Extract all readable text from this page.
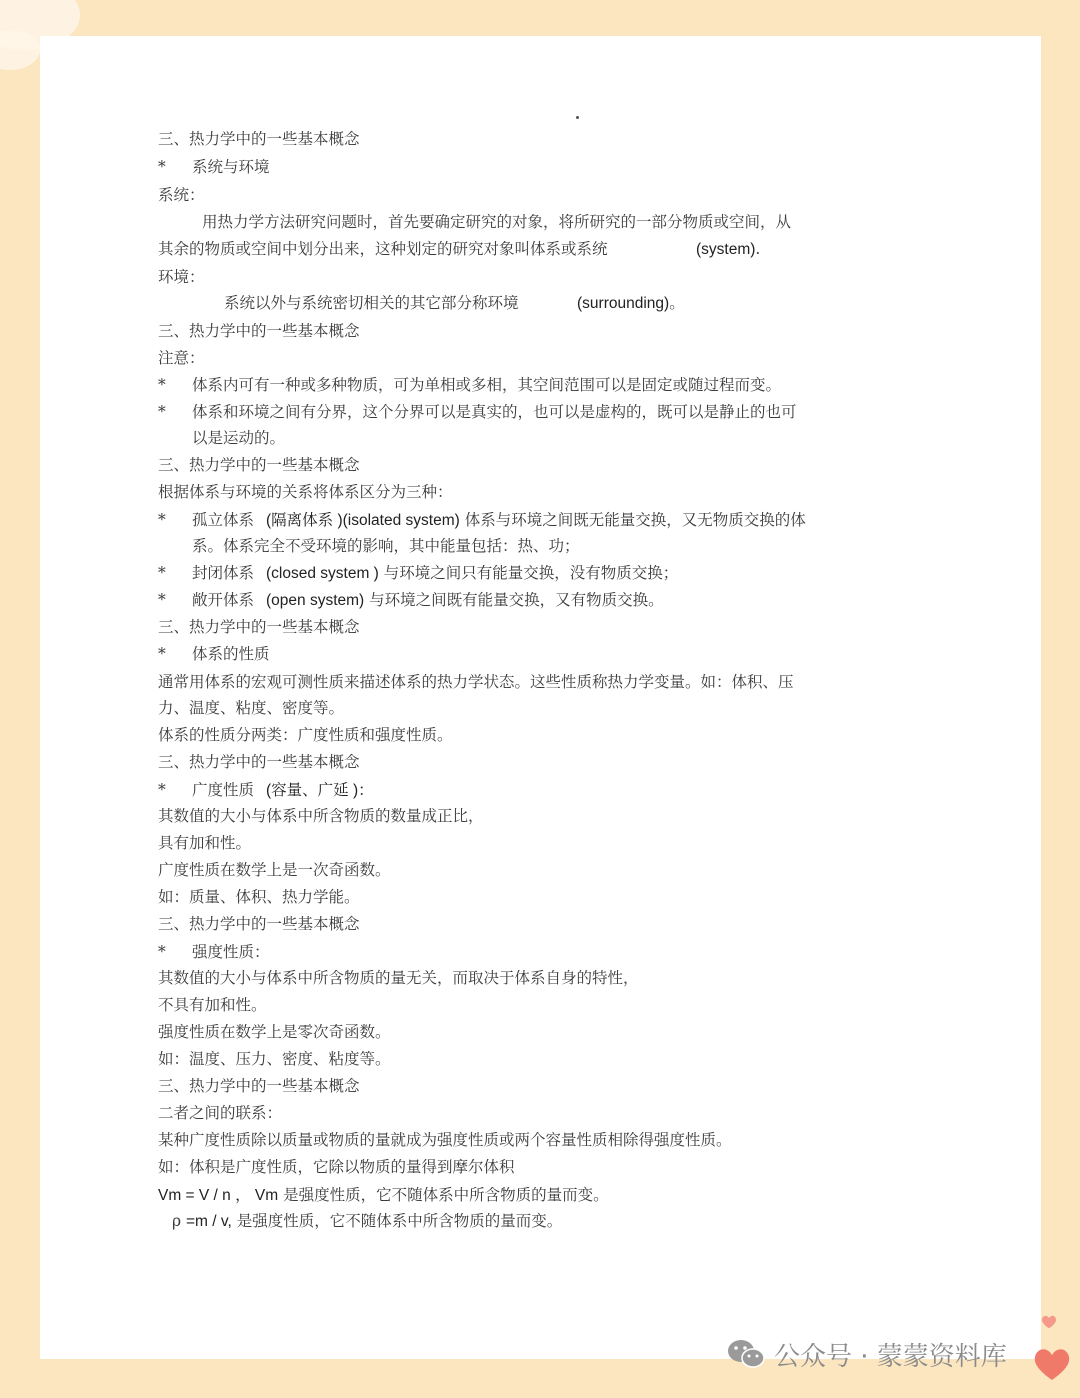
三、热力学中的一些基本概念
* 系统与环境
系统：
用热力学方法研究问题时，首先要确定研究的对象，将所研究的一部分物质或空间，从
其余的物质或空间中划分出来，这种划定的研究对象叫体系或系统	(system).
环境：
系统以外与系统密切相关的其它部分称环境	(surrounding)。
三、热力学中的一些基本概念
注意：
* 体系内可有一种或多种物质，可为单相或多相，其空间范围可以是固定或随过程而变。
* 体系和环境之间有分界，这个分界可以是真实的，也可以是虚构的，既可以是静止的也可
以是运动的。
三、热力学中的一些基本概念
根据体系与环境的关系将体系区分为三种：
* 孤立体系 (隔离体系 )(isolated system) 体系与环境之间既无能量交换，又无物质交换的体
系。体系完全不受环境的影响，其中能量包括：热、功；
* 封闭体系 (closed system ) 与环境之间只有能量交换，没有物质交换；
* 敞开体系 (open system) 与环境之间既有能量交换，又有物质交换。
三、热力学中的一些基本概念
* 体系的性质
通常用体系的宏观可测性质来描述体系的热力学状态。这些性质称热力学变量。如：体积、压
力、温度、粘度、密度等。
体系的性质分两类：广度性质和强度性质。
三、热力学中的一些基本概念
* 广度性质 (容量、广延 )：
其数值的大小与体系中所含物质的数量成正比，
具有加和性。
广度性质在数学上是一次奇函数。
如：质量、体积、热力学能。
三、热力学中的一些基本概念
* 强度性质：
其数值的大小与体系中所含物质的量无关，而取决于体系自身的特性，
不具有加和性。
强度性质在数学上是零次奇函数。
如：温度、压力、密度、粘度等。
三、热力学中的一些基本概念
二者之间的联系：
某种广度性质除以质量或物质的量就成为强度性质或两个容量性质相除得强度性质。
如：体积是广度性质，它除以物质的量得到摩尔体积
Vm = V / n ， Vm 是强度性质，它不随体系中所含物质的量而变。
ρ =m / v, 是强度性质，它不随体系中所含物质的量而变。
公众号 · 蒙蒙资料库
